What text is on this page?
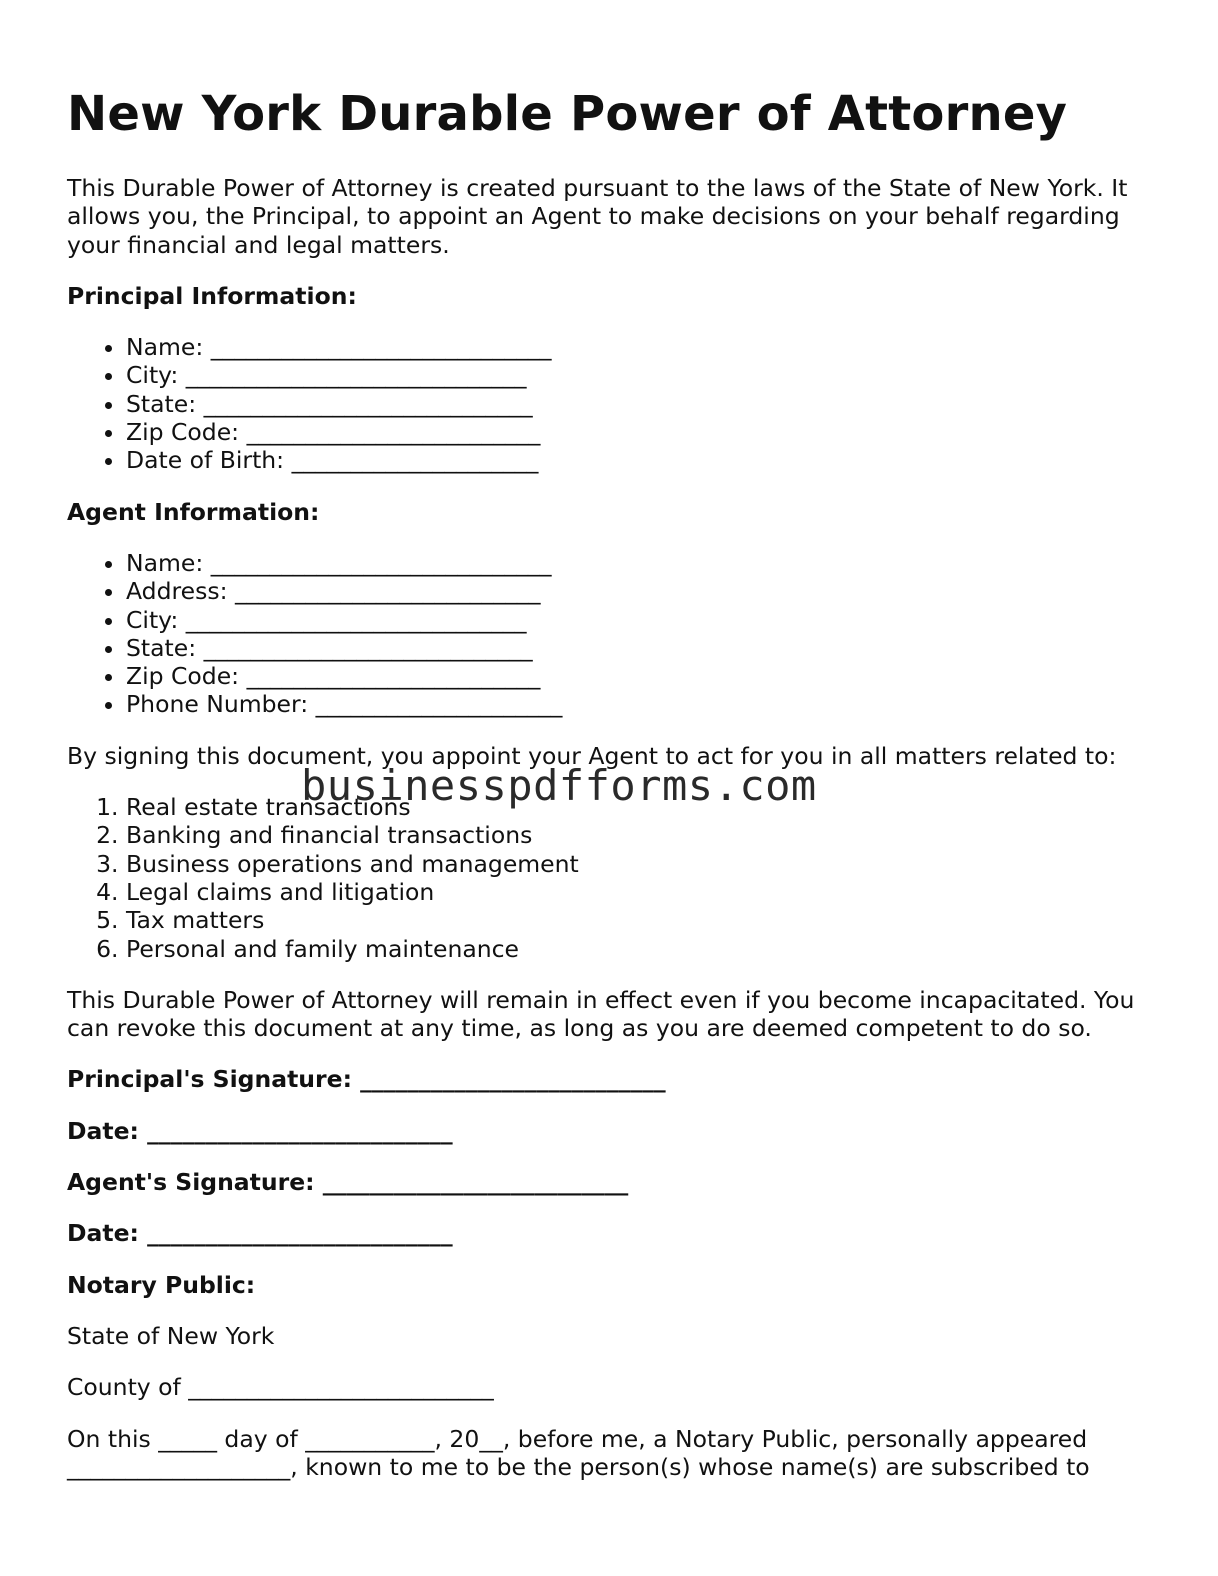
New York Durable Power of Attorney

This Durable Power of Attorney is created pursuant to the laws of the State of New York. It allows you, the Principal, to appoint an Agent to make decisions on your behalf regarding your financial and legal matters.

Principal Information:

• Name: _____________________________
• City: _____________________________
• State: ____________________________
• Zip Code: _________________________
• Date of Birth: _____________________

Agent Information:

• Name: _____________________________
• Address: __________________________
• City: _____________________________
• State: ____________________________
• Zip Code: _________________________
• Phone Number: _____________________

By signing this document, you appoint your Agent to act for you in all matters related to:

1. Real estate transactions
2. Banking and financial transactions
3. Business operations and management
4. Legal claims and litigation
5. Tax matters
6. Personal and family maintenance

This Durable Power of Attorney will remain in effect even if you become incapacitated. You can revoke this document at any time, as long as you are deemed competent to do so.

Principal's Signature: __________________________

Date: __________________________

Agent's Signature: __________________________

Date: __________________________

Notary Public:

State of New York

County of __________________________

On this _____ day of ___________, 20__, before me, a Notary Public, personally appeared ___________________, known to me to be the person(s) whose name(s) are subscribed to

businesspdfforms.com
